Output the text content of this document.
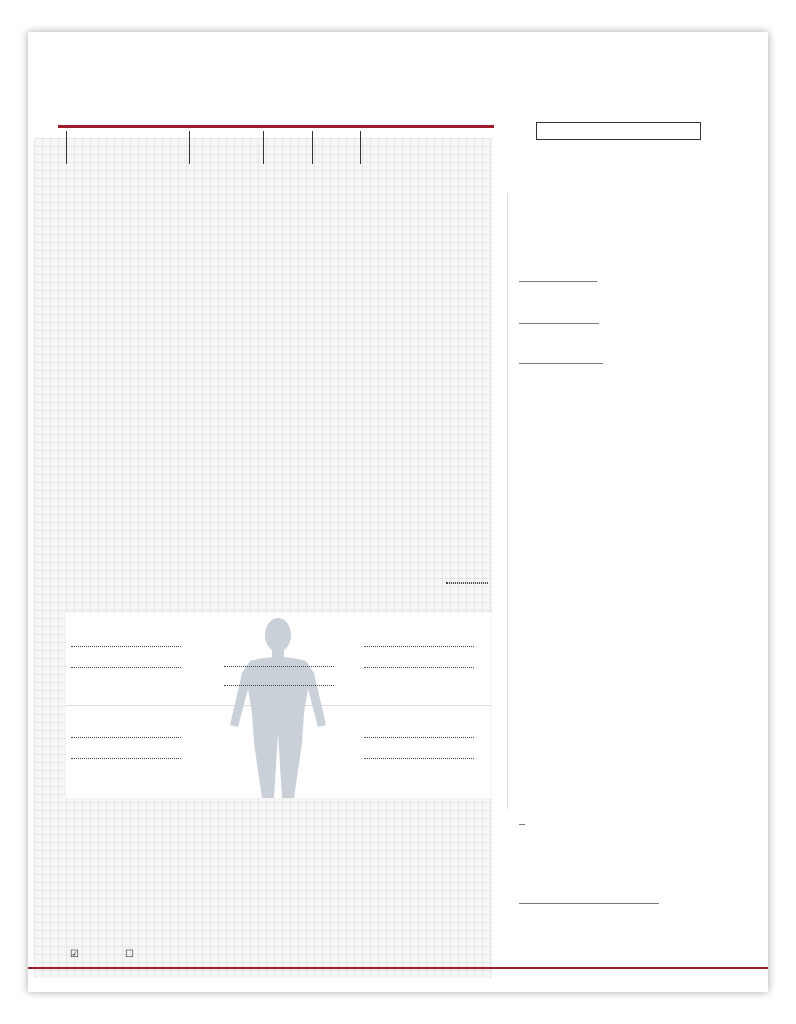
☑	☐
